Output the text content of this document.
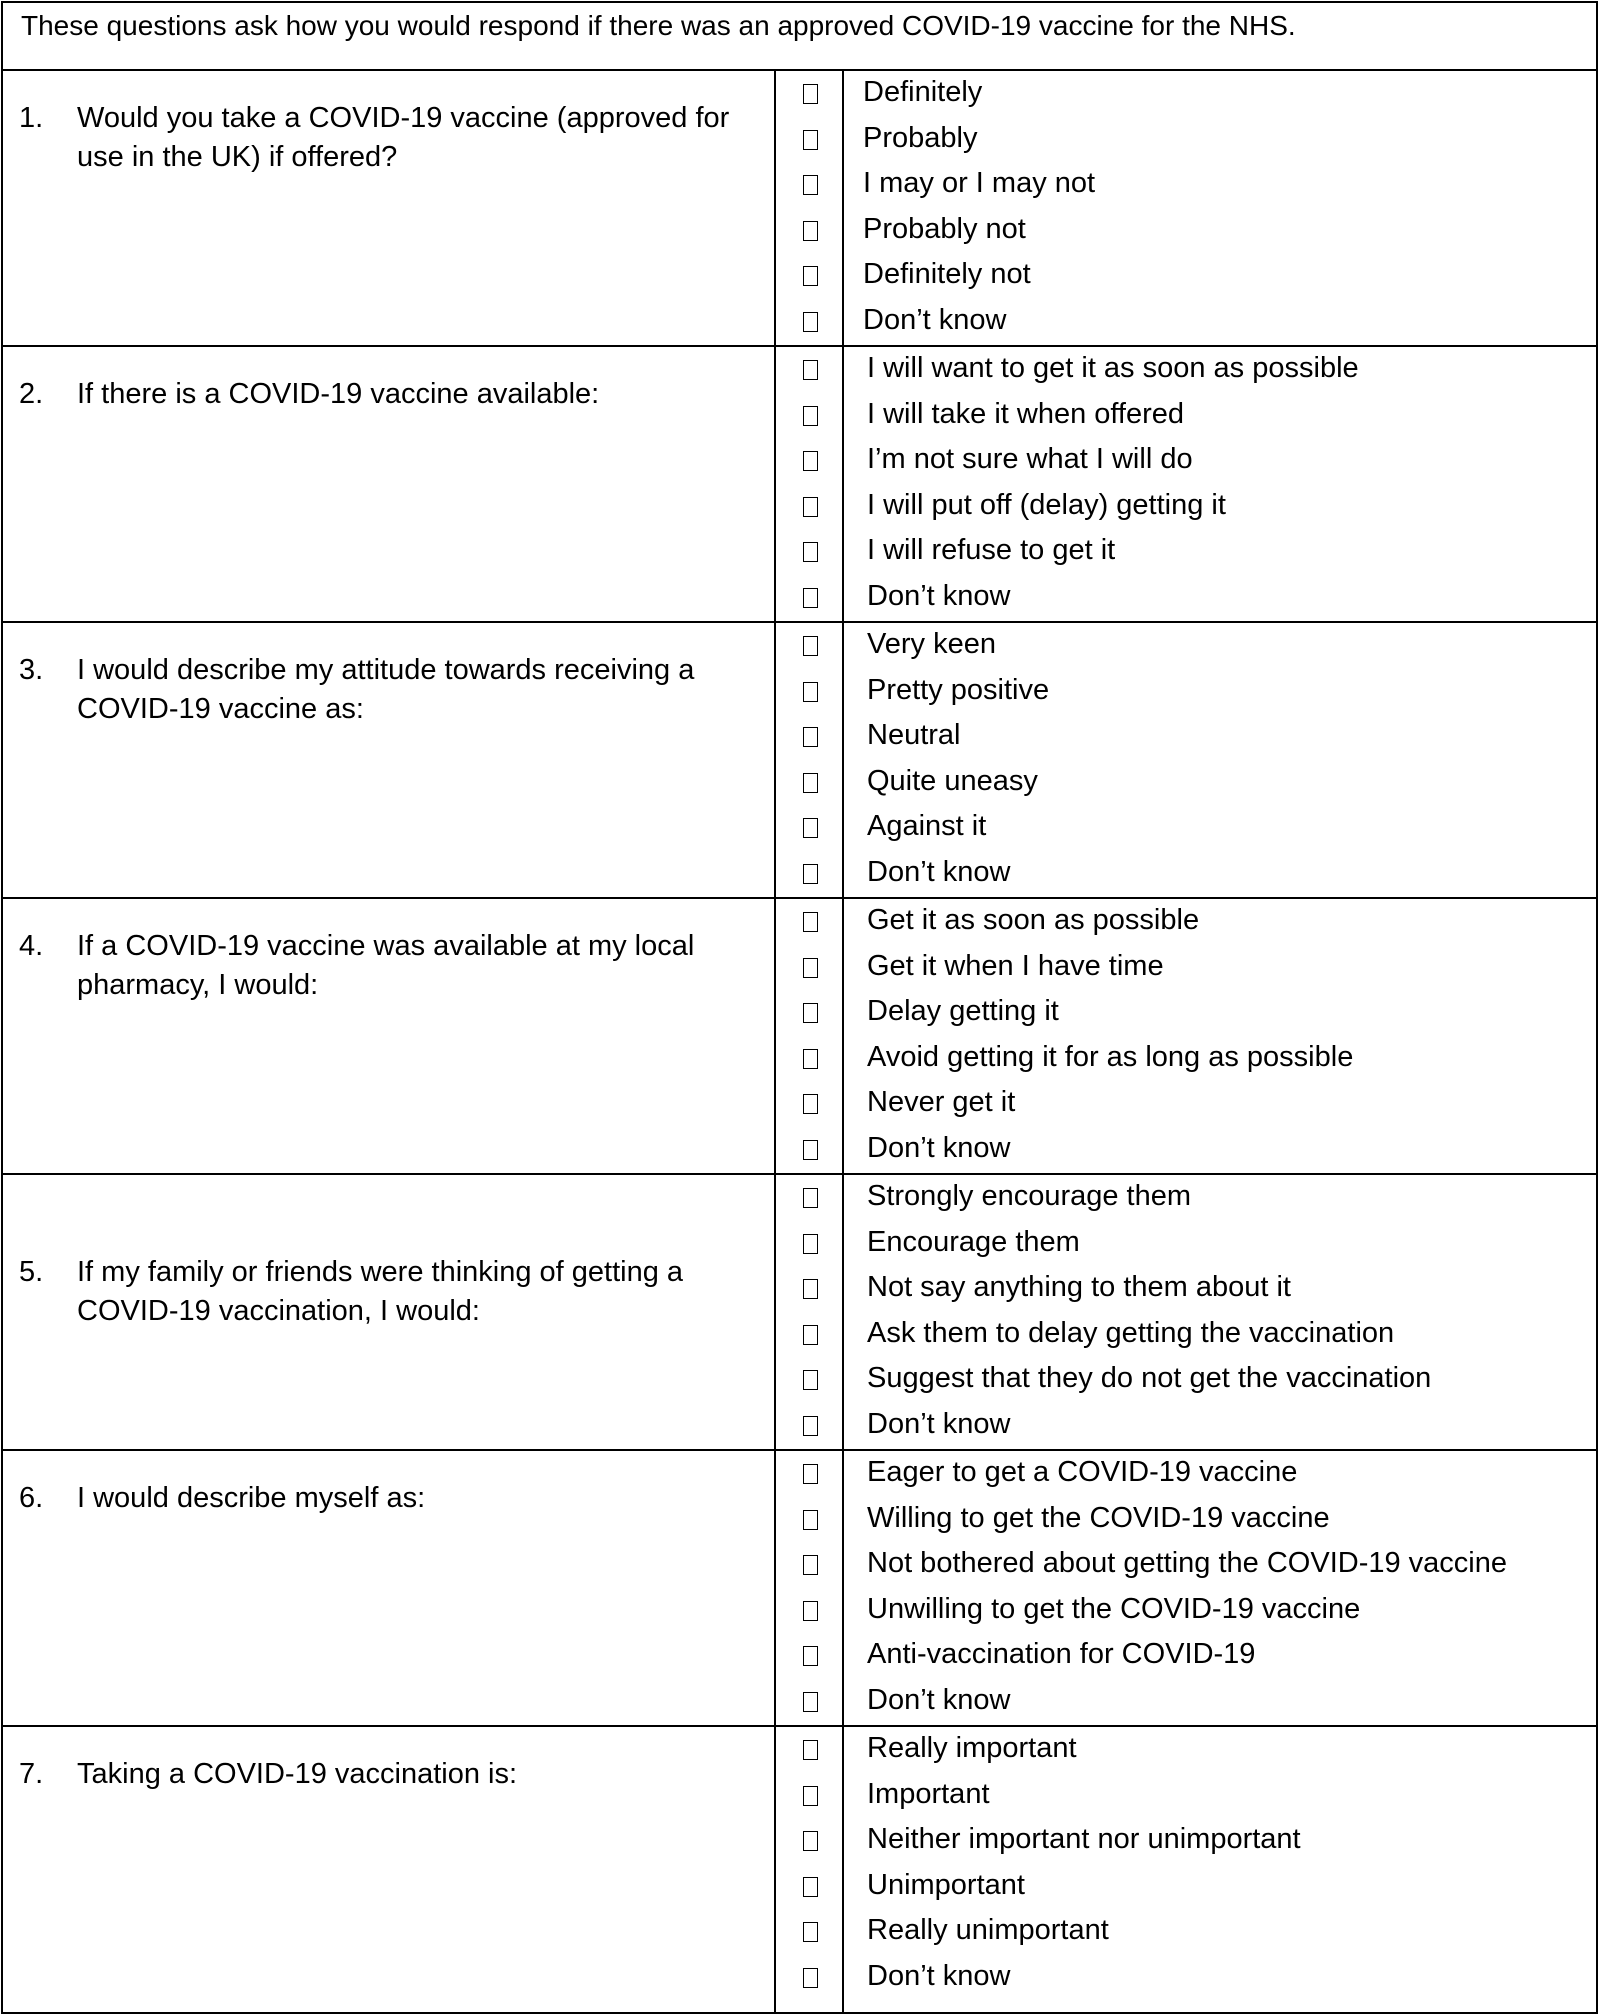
These questions ask how you would respond if there was an approved COVID-19 vaccine for the NHS.
1. Would you take a COVID-19 vaccine (approved for use in the UK) if offered?
Definitely
Probably
I may or I may not
Probably not
Definitely not
Don’t know
2. If there is a COVID-19 vaccine available:
I will want to get it as soon as possible
I will take it when offered
I’m not sure what I will do
I will put off (delay) getting it
I will refuse to get it
Don’t know
3. I would describe my attitude towards receiving a COVID-19 vaccine as:
Very keen
Pretty positive
Neutral
Quite uneasy
Against it
Don’t know
4. If a COVID-19 vaccine was available at my local pharmacy, I would:
Get it as soon as possible
Get it when I have time
Delay getting it
Avoid getting it for as long as possible
Never get it
Don’t know
5. If my family or friends were thinking of getting a COVID-19 vaccination, I would:
Strongly encourage them
Encourage them
Not say anything to them about it
Ask them to delay getting the vaccination
Suggest that they do not get the vaccination
Don’t know
6. I would describe myself as:
Eager to get a COVID-19 vaccine
Willing to get the COVID-19 vaccine
Not bothered about getting the COVID-19 vaccine
Unwilling to get the COVID-19 vaccine
Anti-vaccination for COVID-19
Don’t know
7. Taking a COVID-19 vaccination is:
Really important
Important
Neither important nor unimportant
Unimportant
Really unimportant
Don’t know
